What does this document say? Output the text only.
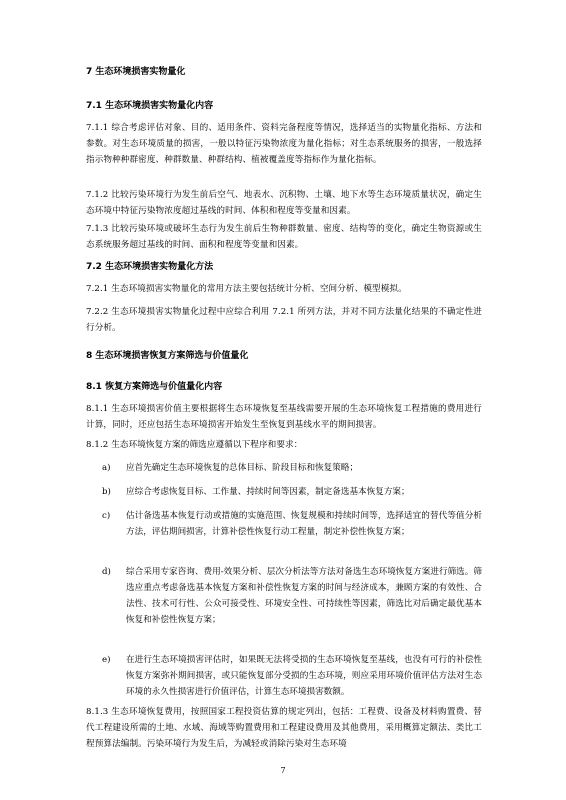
7 生态环境损害实物量化
7.1 生态环境损害实物量化内容
7.1.1 综合考虑评估对象、目的、适用条件、资料完备程度等情况，选择适当的实物量化指标、方法和参数。对生态环境质量的损害，一般以特征污染物浓度为量化指标；对生态系统服务的损害，一般选择指示物种种群密度、种群数量、种群结构、植被覆盖度等指标作为量化指标。
7.1.2 比较污染环境行为发生前后空气、地表水、沉积物、土壤、地下水等生态环境质量状况，确定生态环境中特征污染物浓度超过基线的时间、体积和程度等变量和因素。
7.1.3 比较污染环境或破坏生态行为发生前后生物种群数量、密度、结构等的变化，确定生物资源或生态系统服务超过基线的时间、面积和程度等变量和因素。
7.2 生态环境损害实物量化方法
7.2.1 生态环境损害实物量化的常用方法主要包括统计分析、空间分析、模型模拟。
7.2.2 生态环境损害实物量化过程中应综合利用 7.2.1 所列方法，并对不同方法量化结果的不确定性进行分析。
8 生态环境损害恢复方案筛选与价值量化
8.1 恢复方案筛选与价值量化内容
8.1.1 生态环境损害价值主要根据将生态环境恢复至基线需要开展的生态环境恢复工程措施的费用进行计算，同时，还应包括生态环境损害开始发生至恢复到基线水平的期间损害。
8.1.2 生态环境恢复方案的筛选应遵循以下程序和要求：
a)	应首先确定生态环境恢复的总体目标、阶段目标和恢复策略；
b)	应综合考虑恢复目标、工作量、持续时间等因素，制定备选基本恢复方案；
c)	估计备选基本恢复行动或措施的实施范围、恢复规模和持续时间等，选择适宜的替代等值分析方法，评估期间损害，计算补偿性恢复行动工程量，制定补偿性恢复方案；
d)	综合采用专家咨询、费用-效果分析、层次分析法等方法对备选生态环境恢复方案进行筛选。筛选应重点考虑备选基本恢复方案和补偿性恢复方案的时间与经济成本，兼顾方案的有效性、合法性、技术可行性、公众可接受性、环境安全性、可持续性等因素，筛选比对后确定最优基本恢复和补偿性恢复方案；
e)	在进行生态环境损害评估时，如果既无法将受损的生态环境恢复至基线，也没有可行的补偿性恢复方案弥补期间损害，或只能恢复部分受损的生态环境，则应采用环境价值评估方法对生态环境的永久性损害进行价值评估，计算生态环境损害数额。
8.1.3 生态环境恢复费用，按照国家工程投资估算的规定列出，包括：工程费、设备及材料购置费、替代工程建设所需的土地、水域、海域等购置费用和工程建设费用及其他费用，采用概算定额法、类比工程预算法编制。污染环境行为发生后，为减轻或消除污染对生态环境
7
